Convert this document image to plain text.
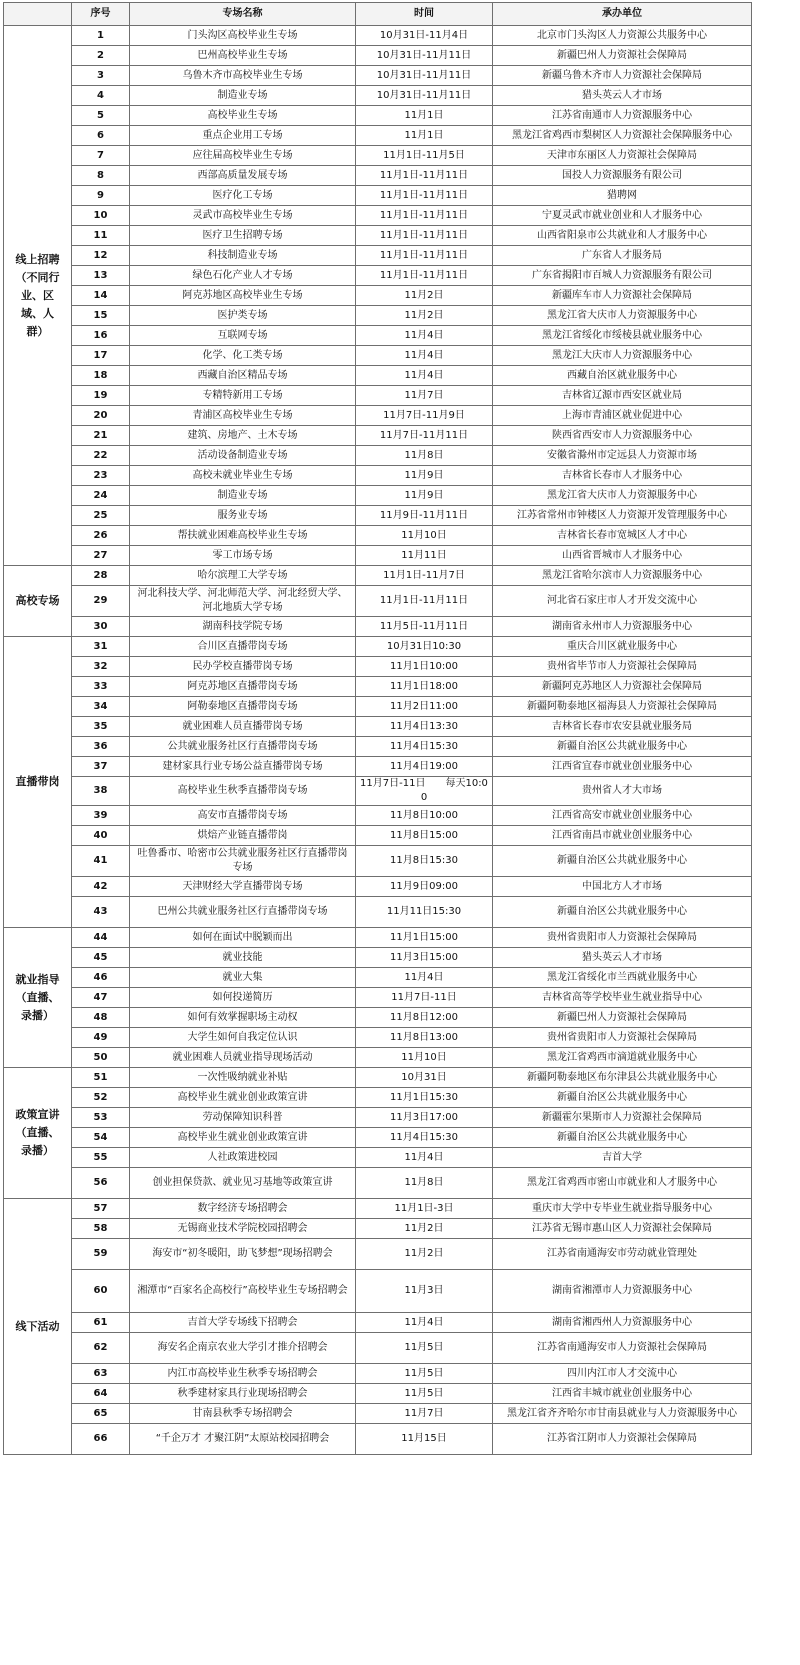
	序号	专场名称	时间	承办单位
线上招聘（不同行业、区域、人群）	1	门头沟区高校毕业生专场	10月31日-11月4日	北京市门头沟区人力资源公共服务中心
	2	巴州高校毕业生专场	10月31日-11月11日	新疆巴州人力资源社会保障局
	3	乌鲁木齐市高校毕业生专场	10月31日-11月11日	新疆乌鲁木齐市人力资源社会保障局
	4	制造业专场	10月31日-11月11日	猎头英云人才市场
	5	高校毕业生专场	11月1日	江苏省南通市人力资源服务中心
	6	重点企业用工专场	11月1日	黑龙江省鸡西市梨树区人力资源社会保障服务中心
	7	应往届高校毕业生专场	11月1日-11月5日	天津市东丽区人力资源社会保障局
	8	西部高质量发展专场	11月1日-11月11日	国投人力资源服务有限公司
	9	医疗化工专场	11月1日-11月11日	猎聘网
	10	灵武市高校毕业生专场	11月1日-11月11日	宁夏灵武市就业创业和人才服务中心
	11	医疗卫生招聘专场	11月1日-11月11日	山西省阳泉市公共就业和人才服务中心
	12	科技制造业专场	11月1日-11月11日	广东省人才服务局
	13	绿色石化产业人才专场	11月1日-11月11日	广东省揭阳市百城人力资源服务有限公司
	14	阿克苏地区高校毕业生专场	11月2日	新疆库车市人力资源社会保障局
	15	医护类专场	11月2日	黑龙江省大庆市人力资源服务中心
	16	互联网专场	11月4日	黑龙江省绥化市绥棱县就业服务中心
	17	化学、化工类专场	11月4日	黑龙江大庆市人力资源服务中心
	18	西藏自治区精品专场	11月4日	西藏自治区就业服务中心
	19	专精特新用工专场	11月7日	吉林省辽源市西安区就业局
	20	青浦区高校毕业生专场	11月7日-11月9日	上海市青浦区就业促进中心
	21	建筑、房地产、土木专场	11月7日-11月11日	陕西省西安市人力资源服务中心
	22	活动设备制造业专场	11月8日	安徽省滁州市定远县人力资源市场
	23	高校未就业毕业生专场	11月9日	吉林省长春市人才服务中心
	24	制造业专场	11月9日	黑龙江省大庆市人力资源服务中心
	25	服务业专场	11月9日-11月11日	江苏省常州市钟楼区人力资源开发管理服务中心
	26	帮扶就业困难高校毕业生专场	11月10日	吉林省长春市宽城区人才中心
	27	零工市场专场	11月11日	山西省晋城市人才服务中心
高校专场	28	哈尔滨理工大学专场	11月1日-11月7日	黑龙江省哈尔滨市人力资源服务中心
	29	河北科技大学、河北师范大学、河北经贸大学、河北地质大学专场	11月1日-11月11日	河北省石家庄市人才开发交流中心
	30	湖南科技学院专场	11月5日-11月11日	湖南省永州市人力资源服务中心
直播带岗	31	合川区直播带岗专场	10月31日10:30	重庆合川区就业服务中心
	32	民办学校直播带岗专场	11月1日10:00	贵州省毕节市人力资源社会保障局
	33	阿克苏地区直播带岗专场	11月1日18:00	新疆阿克苏地区人力资源社会保障局
	34	阿勒泰地区直播带岗专场	11月2日11:00	新疆阿勒泰地区福海县人力资源社会保障局
	35	就业困难人员直播带岗专场	11月4日13:30	吉林省长春市农安县就业服务局
	36	公共就业服务社区行直播带岗专场	11月4日15:30	新疆自治区公共就业服务中心
	37	建材家具行业专场公益直播带岗专场	11月4日19:00	江西省宜春市就业创业服务中心
	38	高校毕业生秋季直播带岗专场	11月7日-11日　　每天10:00	贵州省人才大市场
	39	高安市直播带岗专场	11月8日10:00	江西省高安市就业创业服务中心
	40	烘焙产业链直播带岗	11月8日15:00	江西省南昌市就业创业服务中心
	41	吐鲁番市、哈密市公共就业服务社区行直播带岗专场	11月8日15:30	新疆自治区公共就业服务中心
	42	天津财经大学直播带岗专场	11月9日09:00	中国北方人才市场
	43	巴州公共就业服务社区行直播带岗专场	11月11日15:30	新疆自治区公共就业服务中心
就业指导（直播、录播）	44	如何在面试中脱颖而出	11月1日15:00	贵州省贵阳市人力资源社会保障局
	45	就业技能	11月3日15:00	猎头英云人才市场
	46	就业大集	11月4日	黑龙江省绥化市兰西就业服务中心
	47	如何投递简历	11月7日-11日	吉林省高等学校毕业生就业指导中心
	48	如何有效掌握职场主动权	11月8日12:00	新疆巴州人力资源社会保障局
	49	大学生如何自我定位认识	11月8日13:00	贵州省贵阳市人力资源社会保障局
	50	就业困难人员就业指导现场活动	11月10日	黑龙江省鸡西市滴道就业服务中心
政策宣讲（直播、录播）	51	一次性吸纳就业补贴	10月31日	新疆阿勒泰地区布尔津县公共就业服务中心
	52	高校毕业生就业创业政策宣讲	11月1日15:30	新疆自治区公共就业服务中心
	53	劳动保障知识科普	11月3日17:00	新疆霍尔果斯市人力资源社会保障局
	54	高校毕业生就业创业政策宣讲	11月4日15:30	新疆自治区公共就业服务中心
	55	人社政策进校园	11月4日	吉首大学
	56	创业担保贷款、就业见习基地等政策宣讲	11月8日	黑龙江省鸡西市密山市就业和人才服务中心
线下活动	57	数字经济专场招聘会	11月1日-3日	重庆市大学中专毕业生就业指导服务中心
	58	无锡商业技术学院校园招聘会	11月2日	江苏省无锡市惠山区人力资源社会保障局
	59	海安市“初冬暖阳，助飞梦想”现场招聘会	11月2日	江苏省南通海安市劳动就业管理处
	60	湘潭市“百家名企高校行”高校毕业生专场招聘会	11月3日	湖南省湘潭市人力资源服务中心
	61	吉首大学专场线下招聘会	11月4日	湖南省湘西州人力资源服务中心
	62	海安名企南京农业大学引才推介招聘会	11月5日	江苏省南通海安市人力资源社会保障局
	63	内江市高校毕业生秋季专场招聘会	11月5日	四川内江市人才交流中心
	64	秋季建材家具行业现场招聘会	11月5日	江西省丰城市就业创业服务中心
	65	甘南县秋季专场招聘会	11月7日	黑龙江省齐齐哈尔市甘南县就业与人力资源服务中心
	66	“千企万才 才聚江阴”太原站校园招聘会	11月15日	江苏省江阴市人力资源社会保障局
